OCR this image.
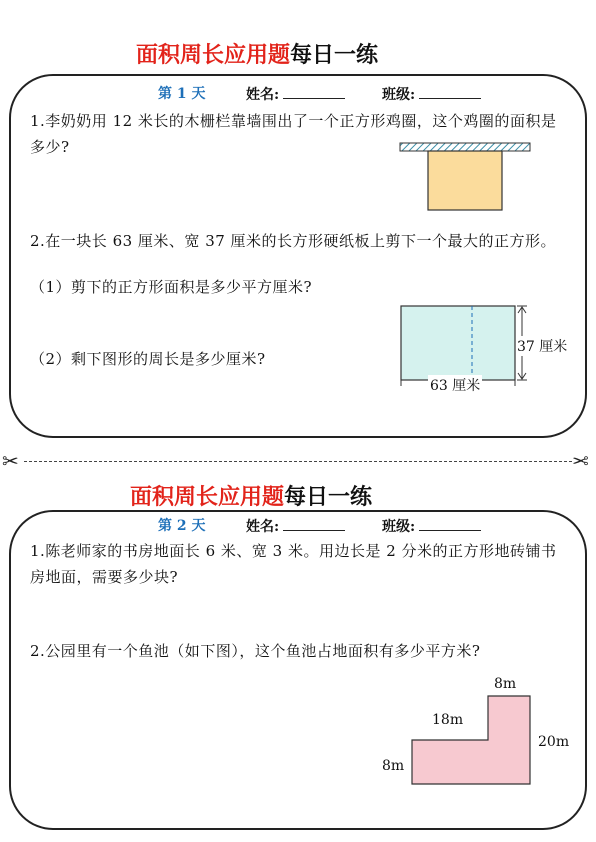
面积周长应用题每日一练
第 1 天	姓名:	班级:
1.李奶奶用 12 米长的木栅栏靠墙围出了一个正方形鸡圈，这个鸡圈的面积是多少?
2.在一块长 63 厘米、宽 37 厘米的长方形硬纸板上剪下一个最大的正方形。
（1）剪下的正方形面积是多少平方厘米?
（2）剩下图形的周长是多少厘米?
37 厘米
63 厘米
✂	✂
面积周长应用题每日一练
第 2 天	姓名:	班级:
1.陈老师家的书房地面长 6 米、宽 3 米。用边长是 2 分米的正方形地砖铺书房地面，需要多少块?
2.公园里有一个鱼池（如下图），这个鱼池占地面积有多少平方米?
8m
18m
20m
8m
